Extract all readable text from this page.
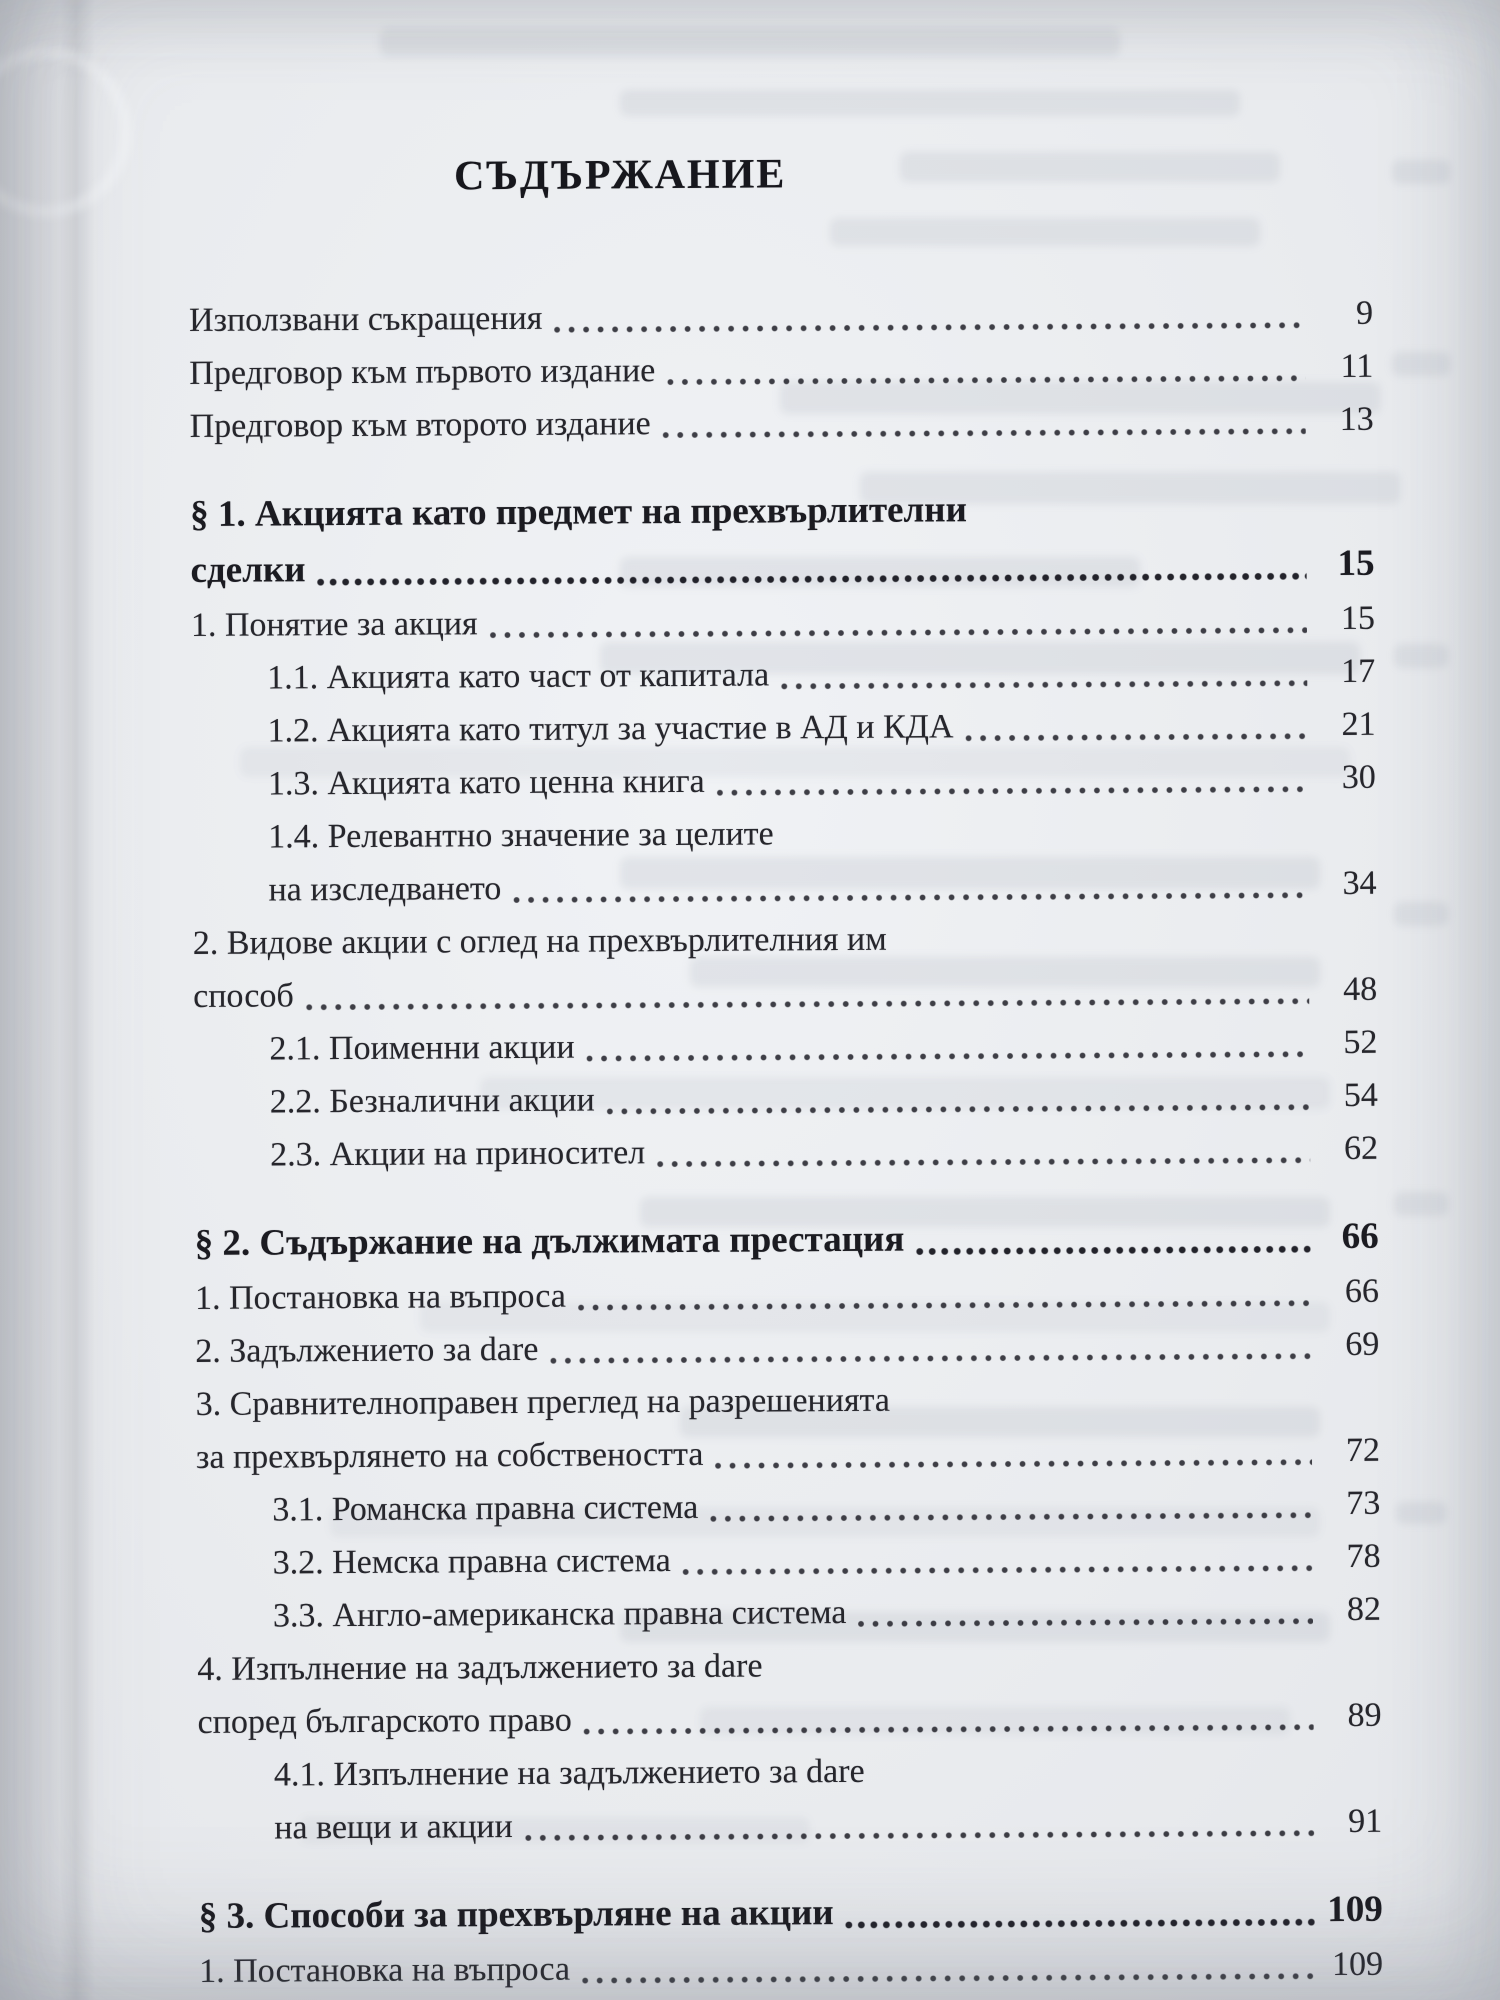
СЪДЪРЖАНИЕ
Използвани съкращения	9
Предговор към първото издание	11
Предговор към второто издание	13
§ 1. Акцията като предмет на прехвърлителни
сделки	15
1. Понятие за акция	15
1.1. Акцията като част от капитала	17
1.2. Акцията като титул за участие в АД и КДА	21
1.3. Акцията като ценна книга	30
1.4. Релевантно значение за целите
на изследването	34
2. Видове акции с оглед на прехвърлителния им
способ	48
2.1. Поименни акции	52
2.2. Безналични акции	54
2.3. Акции на приносител	62
§ 2. Съдържание на дължимата престация	66
1. Постановка на въпроса	66
2. Задължението за dare	69
3. Сравнителноправен преглед на разрешенията
за прехвърлянето на собствеността	72
3.1. Романска правна система	73
3.2. Немска правна система	78
3.3. Англо-американска правна система	82
4. Изпълнение на задължението за dare
според българското право	89
4.1. Изпълнение на задължението за dare
на вещи и акции	91
§ 3. Способи за прехвърляне на акции	109
1. Постановка на въпроса	109
